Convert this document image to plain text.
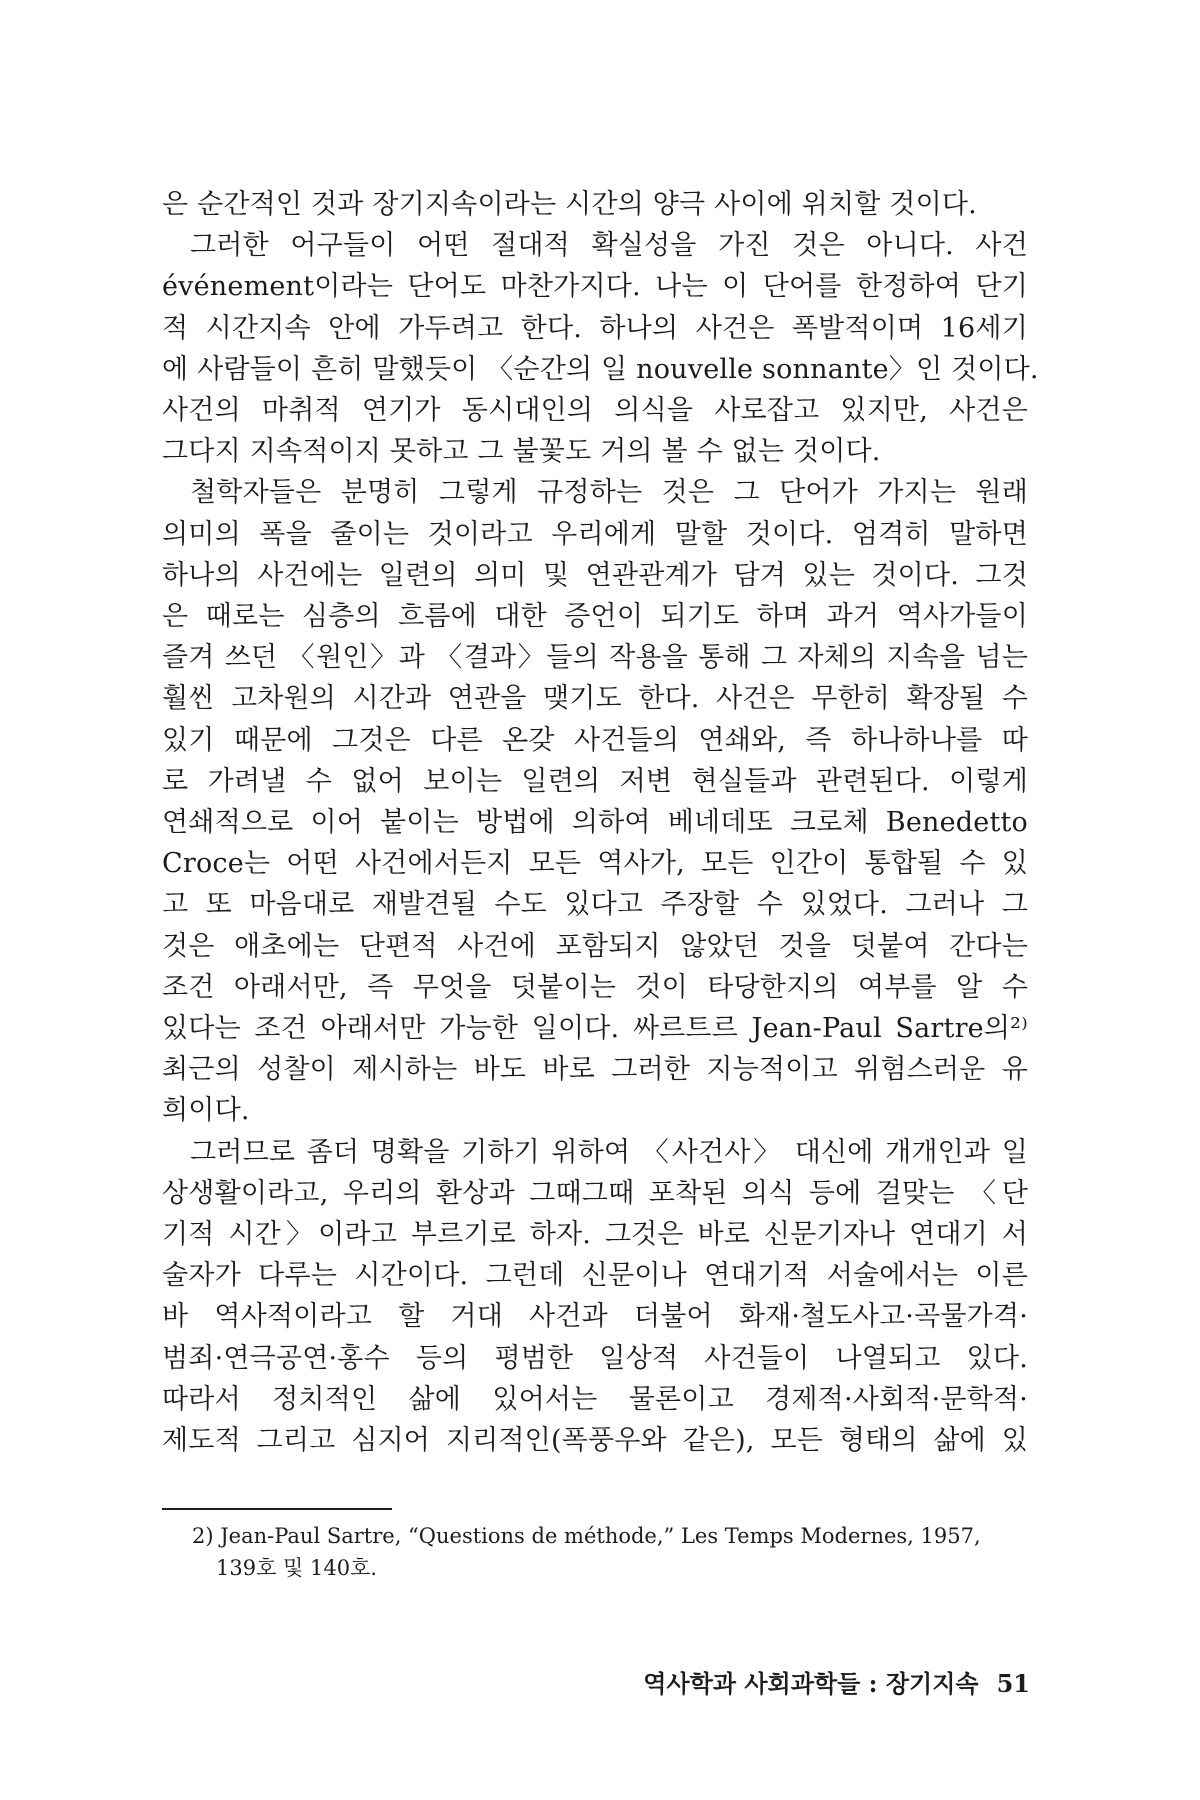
은 순간적인 것과 장기지속이라는 시간의 양극 사이에 위치할 것이다.
그러한 어구들이 어떤 절대적 확실성을 가진 것은 아니다. 사건
événement이라는 단어도 마찬가지다. 나는 이 단어를 한정하여 단기
적 시간지속 안에 가두려고 한다. 하나의 사건은 폭발적이며 16세기
에 사람들이 흔히 말했듯이 〈순간의 일 nouvelle sonnante〉인 것이다.
사건의 마취적 연기가 동시대인의 의식을 사로잡고 있지만, 사건은
그다지 지속적이지 못하고 그 불꽃도 거의 볼 수 없는 것이다.
철학자들은 분명히 그렇게 규정하는 것은 그 단어가 가지는 원래
의미의 폭을 줄이는 것이라고 우리에게 말할 것이다. 엄격히 말하면
하나의 사건에는 일련의 의미 및 연관관계가 담겨 있는 것이다. 그것
은 때로는 심층의 흐름에 대한 증언이 되기도 하며 과거 역사가들이
즐겨 쓰던 〈원인〉과 〈결과〉들의 작용을 통해 그 자체의 지속을 넘는
훨씬 고차원의 시간과 연관을 맺기도 한다. 사건은 무한히 확장될 수
있기 때문에 그것은 다른 온갖 사건들의 연쇄와, 즉 하나하나를 따
로 가려낼 수 없어 보이는 일련의 저변 현실들과 관련된다. 이렇게
연쇄적으로 이어 붙이는 방법에 의하여 베네데또 크로체 Benedetto
Croce는 어떤 사건에서든지 모든 역사가, 모든 인간이 통합될 수 있
고 또 마음대로 재발견될 수도 있다고 주장할 수 있었다. 그러나 그
것은 애초에는 단편적 사건에 포함되지 않았던 것을 덧붙여 간다는
조건 아래서만, 즉 무엇을 덧붙이는 것이 타당한지의 여부를 알 수
있다는 조건 아래서만 가능한 일이다. 싸르트르 Jean-Paul Sartre의²⁾
최근의 성찰이 제시하는 바도 바로 그러한 지능적이고 위험스러운 유
희이다.
그러므로 좀더 명확을 기하기 위하여 〈사건사〉 대신에 개개인과 일
상생활이라고, 우리의 환상과 그때그때 포착된 의식 등에 걸맞는 〈단
기적 시간〉이라고 부르기로 하자. 그것은 바로 신문기자나 연대기 서
술자가 다루는 시간이다. 그런데 신문이나 연대기적 서술에서는 이른
바 역사적이라고 할 거대 사건과 더불어 화재·철도사고·곡물가격·
범죄·연극공연·홍수 등의 평범한 일상적 사건들이 나열되고 있다.
따라서 정치적인 삶에 있어서는 물론이고 경제적·사회적·문학적·
제도적 그리고 심지어 지리적인(폭풍우와 같은), 모든 형태의 삶에 있
2) Jean-Paul Sartre, “Questions de méthode,” Les Temps Modernes, 1957,
139호 및 140호.
역사학과 사회과학들 : 장기지속 51
